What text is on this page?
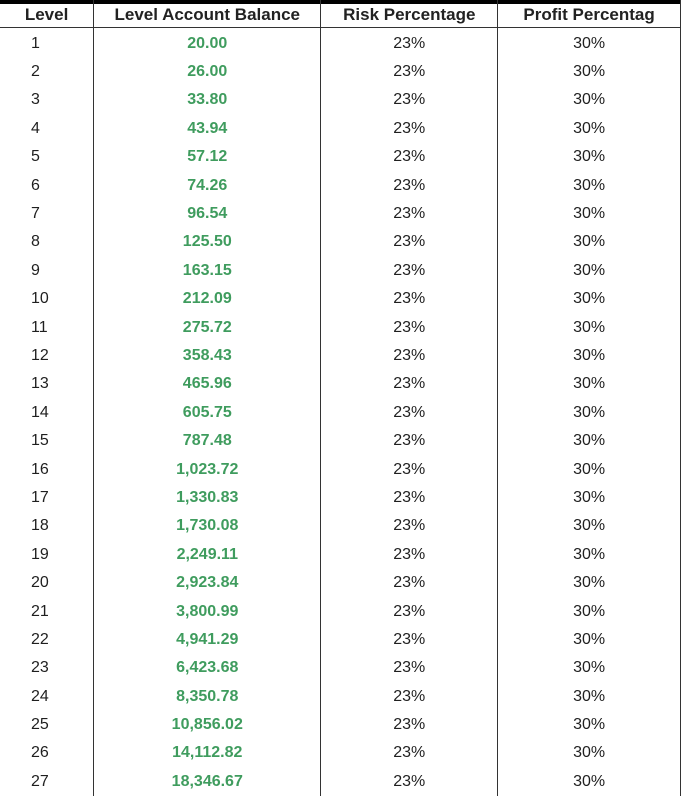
Level	Level Account Balance	Risk Percentage	Profit Percentag
1	20.00	23%	30%
2	26.00	23%	30%
3	33.80	23%	30%
4	43.94	23%	30%
5	57.12	23%	30%
6	74.26	23%	30%
7	96.54	23%	30%
8	125.50	23%	30%
9	163.15	23%	30%
10	212.09	23%	30%
11	275.72	23%	30%
12	358.43	23%	30%
13	465.96	23%	30%
14	605.75	23%	30%
15	787.48	23%	30%
16	1,023.72	23%	30%
17	1,330.83	23%	30%
18	1,730.08	23%	30%
19	2,249.11	23%	30%
20	2,923.84	23%	30%
21	3,800.99	23%	30%
22	4,941.29	23%	30%
23	6,423.68	23%	30%
24	8,350.78	23%	30%
25	10,856.02	23%	30%
26	14,112.82	23%	30%
27	18,346.67	23%	30%
